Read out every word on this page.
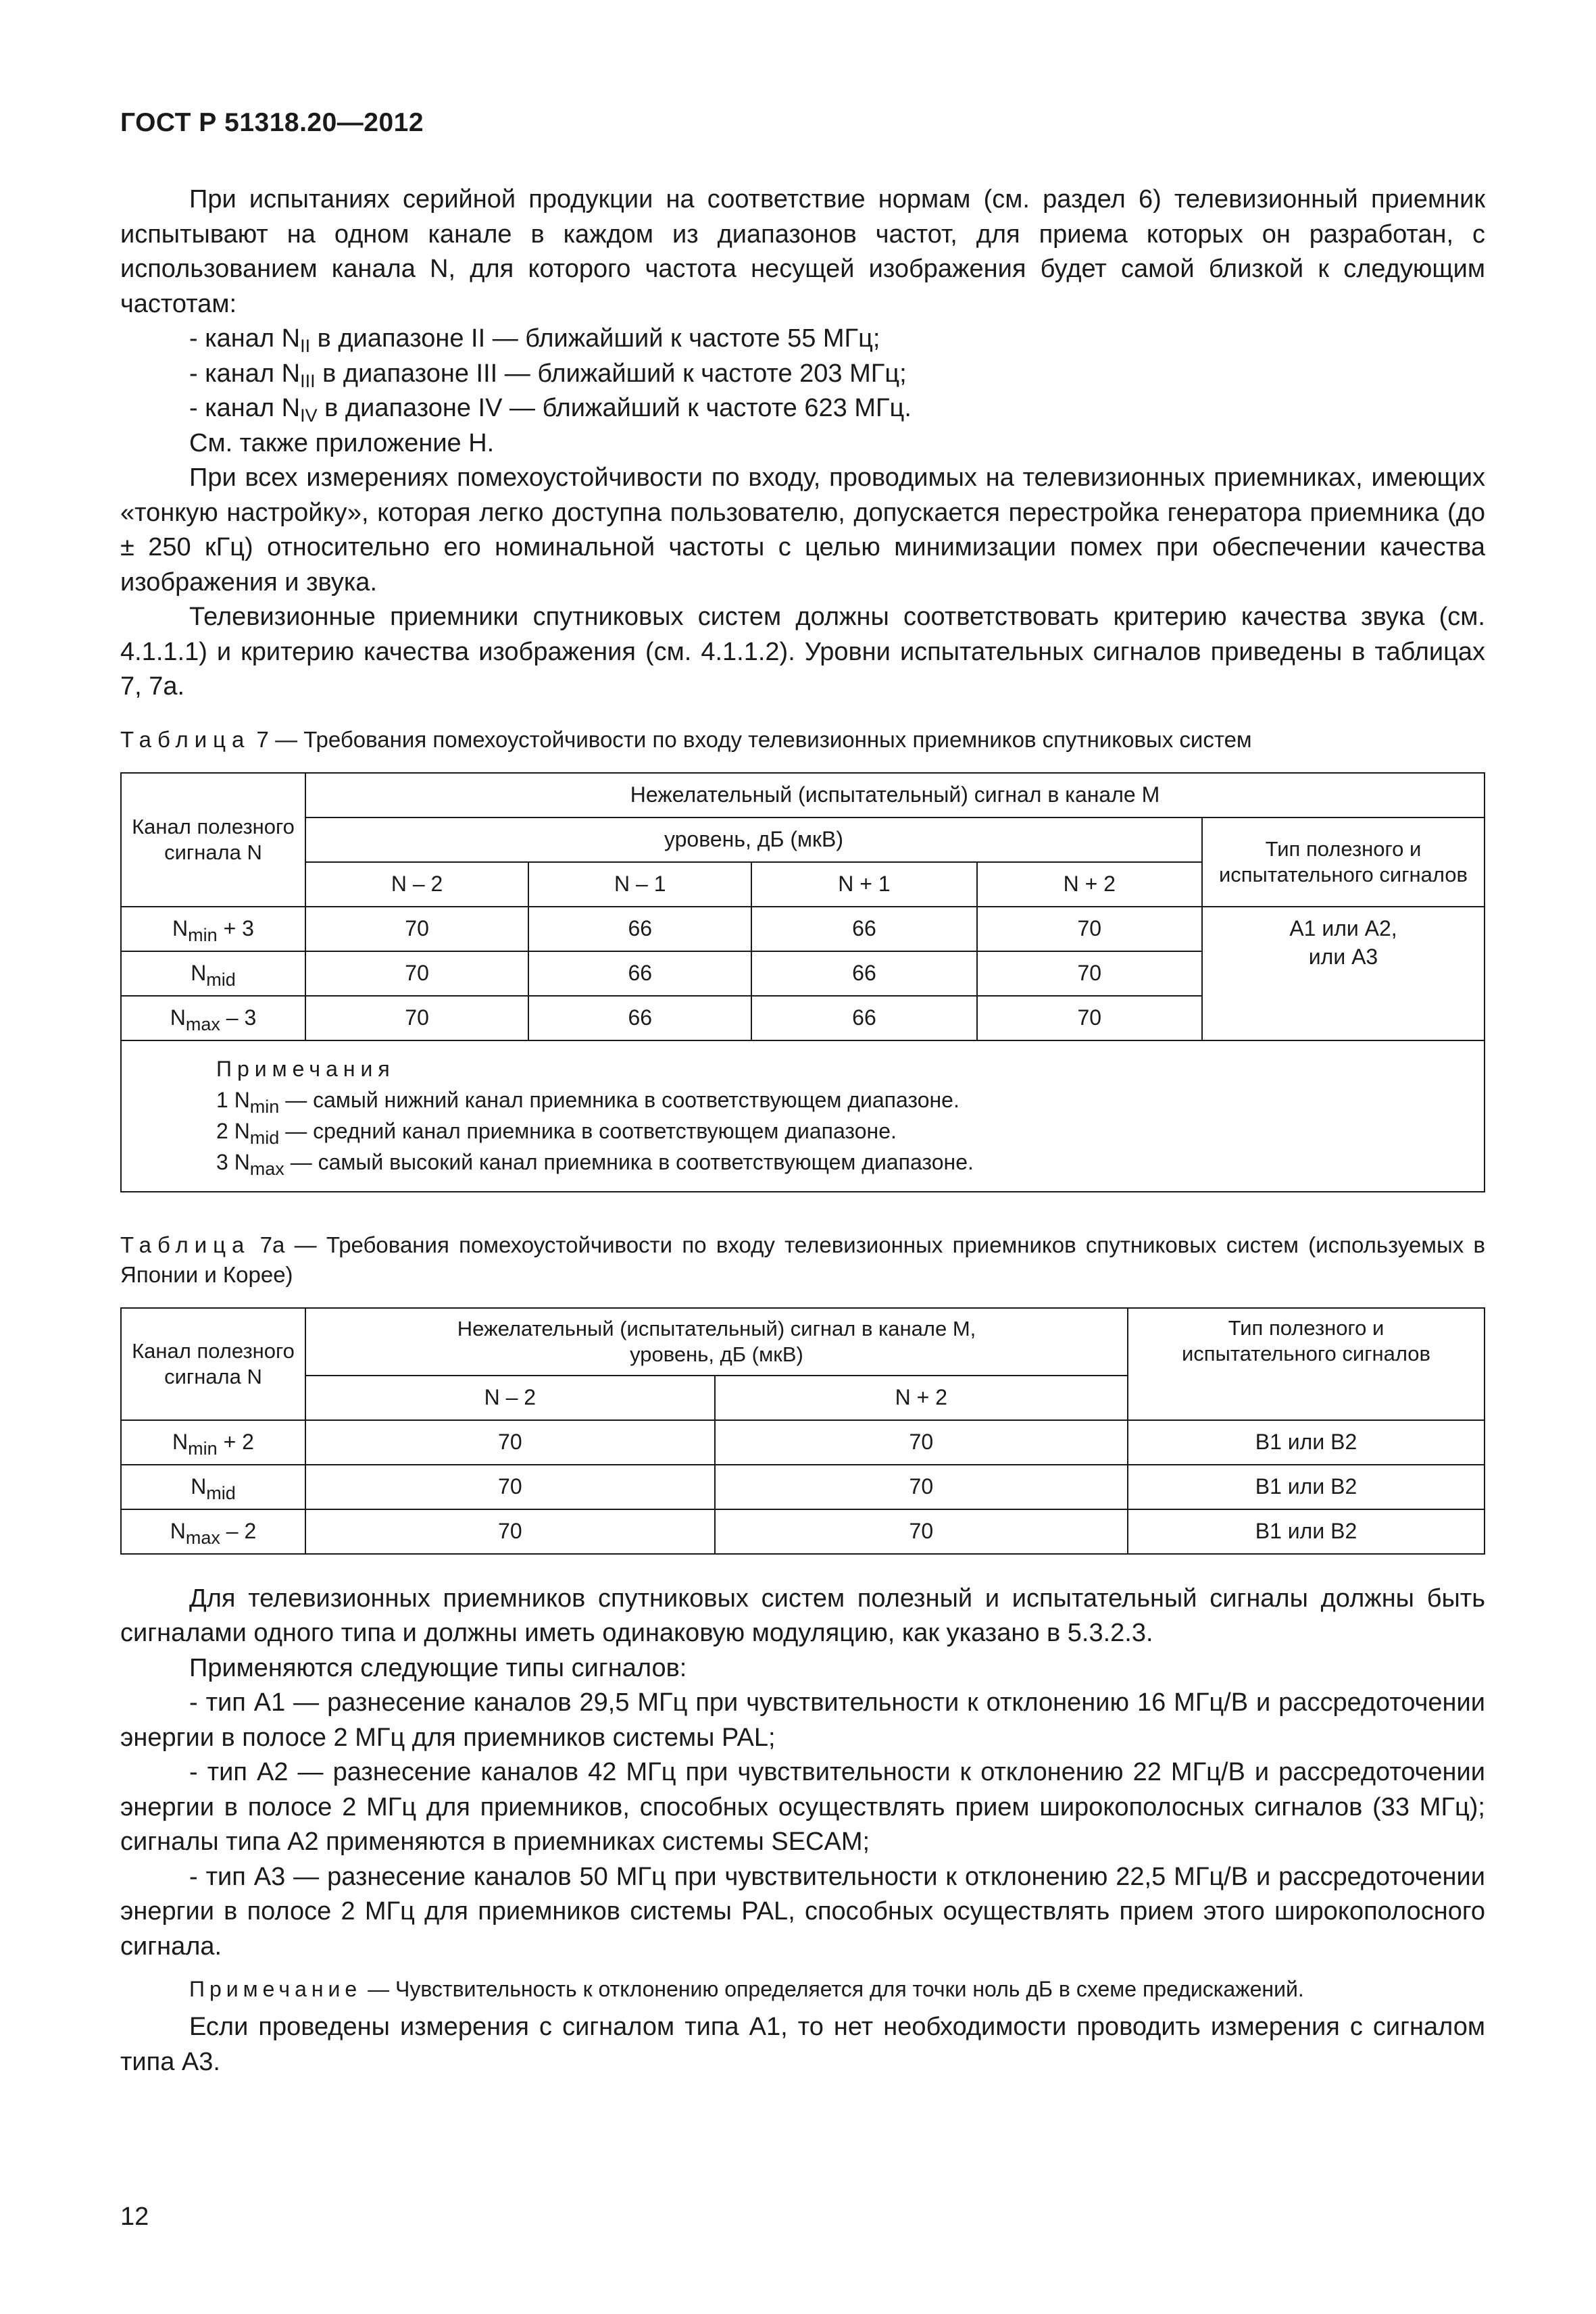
ГОСТ Р 51318.20—2012

При испытаниях серийной продукции на соответствие нормам (см. раздел 6) телевизионный приемник испытывают на одном канале в каждом из диапазонов частот, для приема которых он разработан, с использованием канала N, для которого частота несущей изображения будет самой близкой к следующим частотам:

- канал $N_{II}$ в диапазоне II — ближайший к частоте 55 МГц;

- канал $N_{III}$ в диапазоне III — ближайший к частоте 203 МГц;

- канал $N_{IV}$ в диапазоне IV — ближайший к частоте 623 МГц.

См. также приложение Н.

При всех измерениях помехоустойчивости по входу, проводимых на телевизионных приемниках, имеющих «тонкую настройку», которая легко доступна пользователю, допускается перестройка генератора приемника (до ± 250 кГц) относительно его номинальной частоты с целью минимизации помех при обеспечении качества изображения и звука.

Телевизионные приемники спутниковых систем должны соответствовать критерию качества звука (см. 4.1.1.1) и критерию качества изображения (см. 4.1.1.2). Уровни испытательных сигналов приведены в таблицах 7, 7а.

Таблица 7 — Требования помехоустойчивости по входу телевизионных приемников спутниковых систем
Канал полезного сигнала N	Нежелательный (испытательный) сигнал в канале M				
	уровень, дБ (мкВ)				Тип полезного и испытательного сигналов
	N – 2	N – 1	N + 1	N + 2	
$N_{min} + 3$	70	66	66	70	А1 или А2, или А3

$N_{mid}$	70	66	66	70	
$N_{max} - 3$	70	66	66	70	

Примечания
1 $N_{min}$ — самый нижний канал приемника в соответствующем диапазоне.
2 $N_{mid}$ — средний канал приемника в соответствующем диапазоне.
3 $N_{max}$ — самый высокий канал приемника в соответствующем диапазоне.					
Таблица 7а — Требования помехоустойчивости по входу телевизионных приемников спутниковых систем (используемых в Японии и Корее)
Канал полезного сигнала N	Нежелательный (испытательный) сигнал в канале M, уровень, дБ (мкВ)		Тип полезного и испытательного сигналов

	N – 2	N + 2	
$N_{min} + 2$	70	70	В1 или В2
$N_{mid}$	70	70	В1 или В2
$N_{max} - 2$	70	70	В1 или В2

Для телевизионных приемников спутниковых систем полезный и испытательный сигналы должны быть сигналами одного типа и должны иметь одинаковую модуляцию, как указано в 5.3.2.3.

Применяются следующие типы сигналов:

- тип А1 — разнесение каналов 29,5 МГц при чувствительности к отклонению 16 МГц/В и рассредоточении энергии в полосе 2 МГц для приемников системы PAL;

- тип А2 — разнесение каналов 42 МГц при чувствительности к отклонению 22 МГц/В и рассредоточении энергии в полосе 2 МГц для приемников, способных осуществлять прием широкополосных сигналов (33 МГц); сигналы типа А2 применяются в приемниках системы SECAM;

- тип А3 — разнесение каналов 50 МГц при чувствительности к отклонению 22,5 МГц/В и рассредоточении энергии в полосе 2 МГц для приемников системы PAL, способных осуществлять прием этого широкополосного сигнала.

Примечание — Чувствительность к отклонению определяется для точки ноль дБ в схеме предискажений.

Если проведены измерения с сигналом типа А1, то нет необходимости проводить измерения с сигналом типа А3.

12
